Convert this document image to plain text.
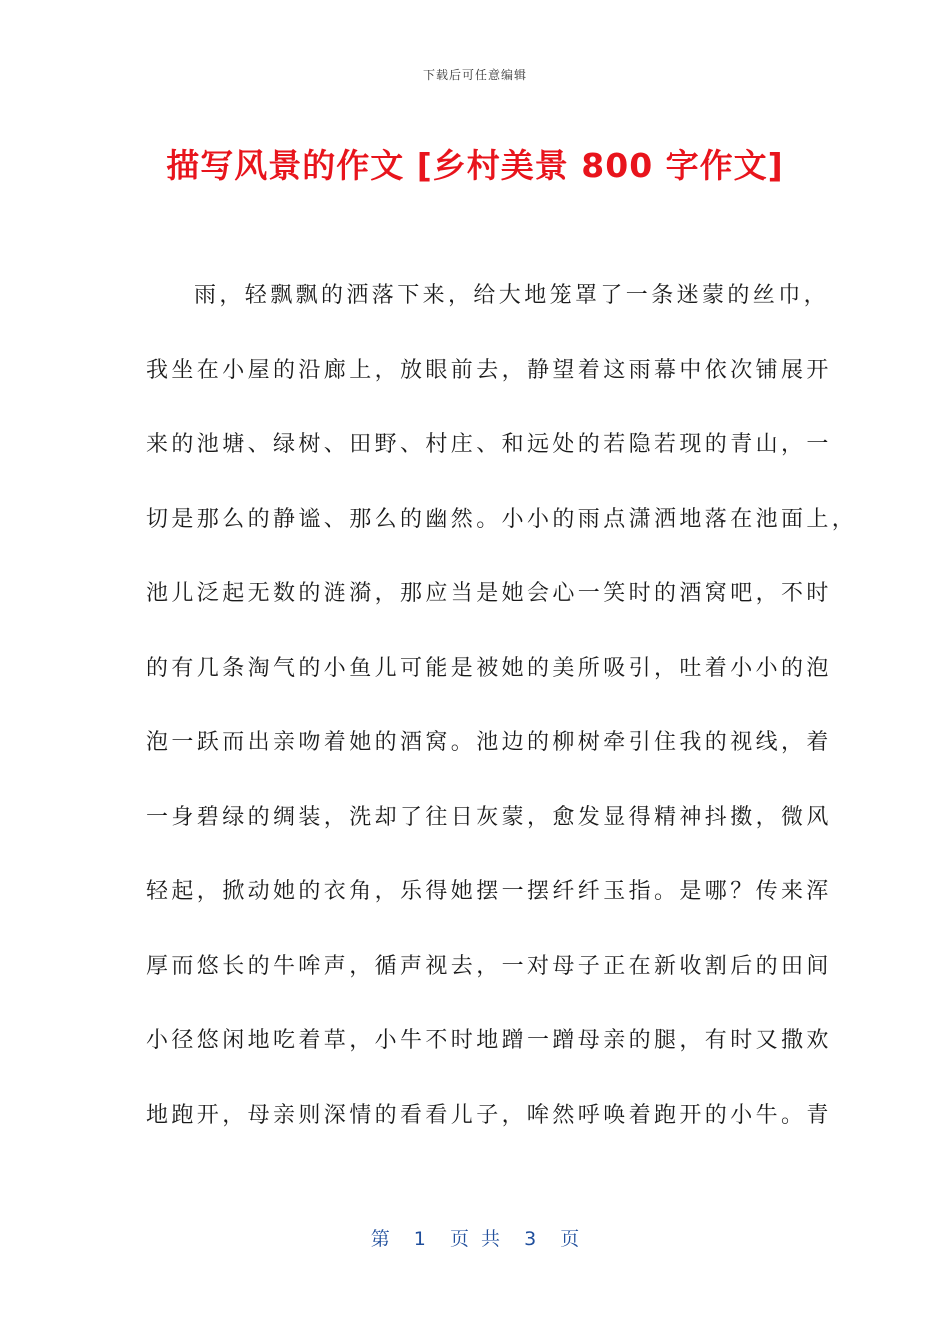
下载后可任意编辑
描写风景的作文 [乡村美景 800 字作文]
雨，轻飘飘的洒落下来，给大地笼罩了一条迷蒙的丝巾，
我坐在小屋的沿廊上，放眼前去，静望着这雨幕中依次铺展开
来的池塘、绿树、田野、村庄、和远处的若隐若现的青山，一
切是那么的静谧、那么的幽然。小小的雨点潇洒地落在池面上，
池儿泛起无数的涟漪，那应当是她会心一笑时的酒窝吧，不时
的有几条淘气的小鱼儿可能是被她的美所吸引，吐着小小的泡
泡一跃而出亲吻着她的酒窝。池边的柳树牵引住我的视线，着
一身碧绿的绸装，洗却了往日灰蒙，愈发显得精神抖擞，微风
轻起，掀动她的衣角，乐得她摆一摆纤纤玉指。是哪？传来浑
厚而悠长的牛哞声，循声视去，一对母子正在新收割后的田间
小径悠闲地吃着草，小牛不时地蹭一蹭母亲的腿，有时又撒欢
地跑开，母亲则深情的看看儿子，哞然呼唤着跑开的小牛。青
第  1  页 共  3  页
